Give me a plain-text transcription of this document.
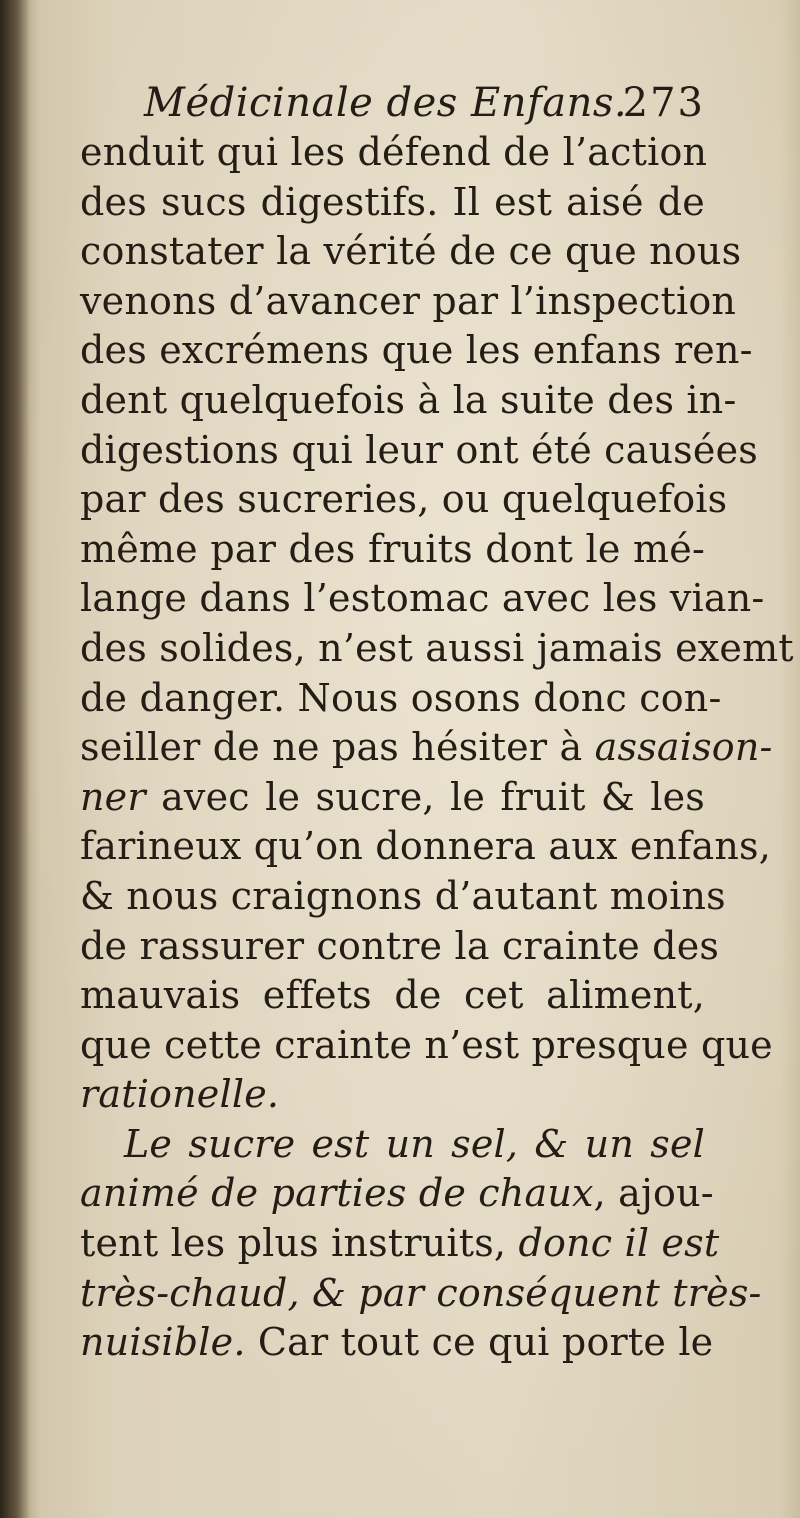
Médicinale des Enfans.
273
enduit qui les défend de l’action
des sucs digestifs. Il est aisé de
constater la vérité de ce que nous
venons d’avancer par l’inspection
des excrémens que les enfans ren-
dent quelquefois à la suite des in-
digestions qui leur ont été causées
par des sucreries, ou quelquefois
même par des fruits dont le mé-
lange dans l’estomac avec les vian-
des solides, n’est aussi jamais exemt
de danger. Nous osons donc con-
seiller de ne pas hésiter à assaison-
ner avec le sucre, le fruit & les
farineux qu’on donnera aux enfans,
& nous craignons d’autant moins
de rassurer contre la crainte des
mauvais effets de cet aliment,
que cette crainte n’est presque que
rationelle.
Le sucre est un sel, & un sel
animé de parties de chaux, ajou-
tent les plus instruits, donc il est
très-chaud, & par conséquent très-
nuisible. Car tout ce qui porte le
